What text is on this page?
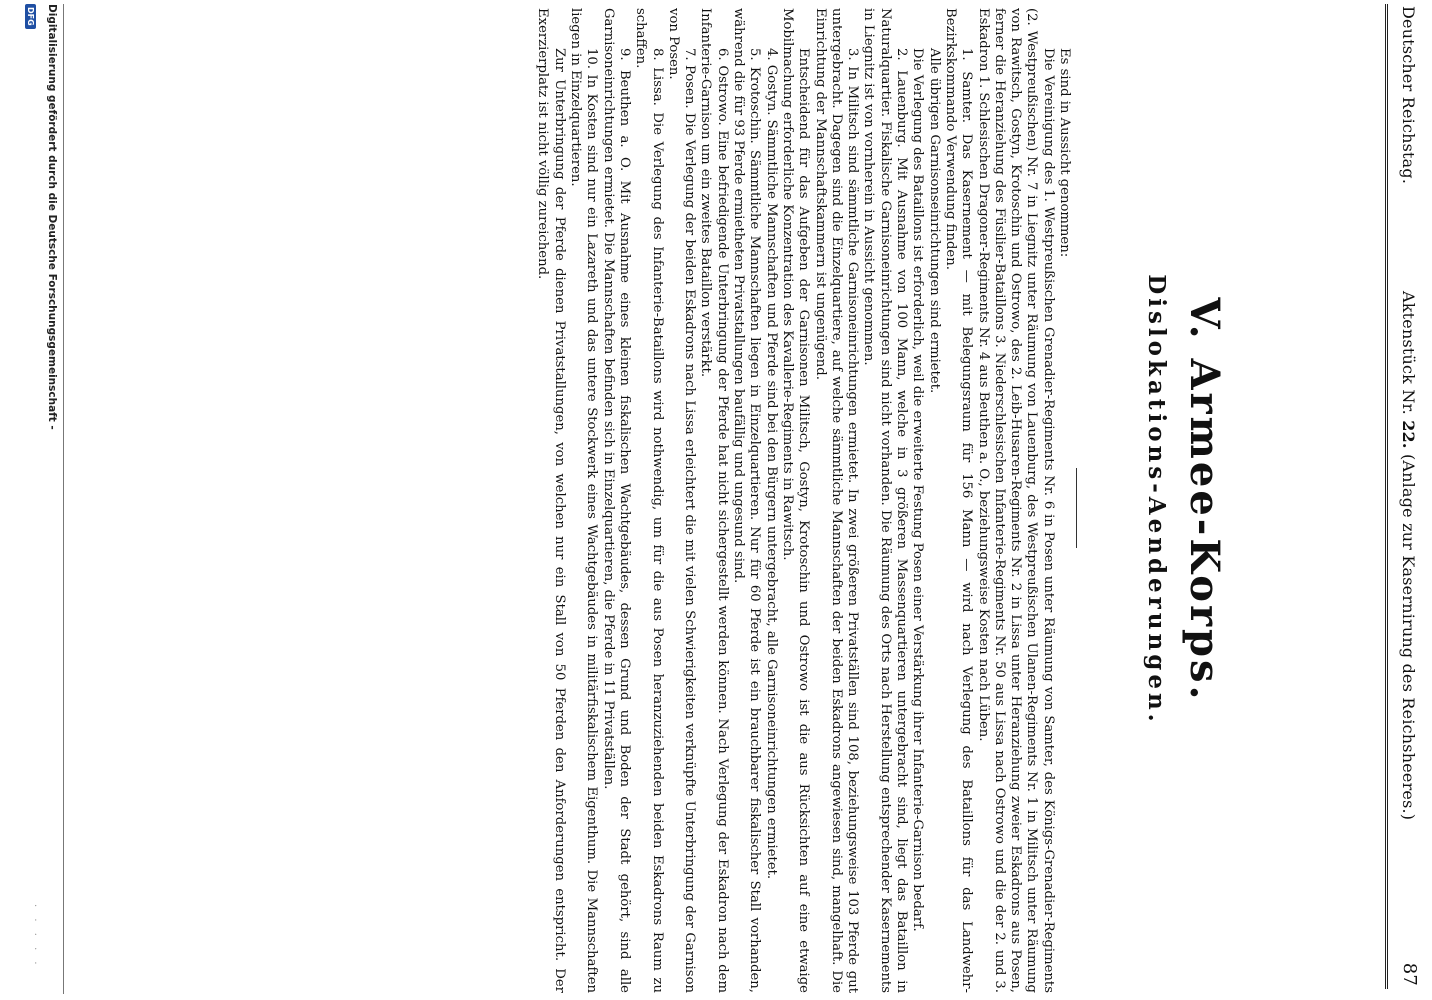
Deutscher Reichstag.
Aktenstück Nr. 22. (Anlage zur Kasernirung des Reichsheeres.)
87
V. Armee-Korps.
Dislokations-Aenderungen.

Es sind in Aussicht genommen:

Die Vereinigung des 1. Westpreußischen Grenadier-Regiments Nr. 6 in Posen unter Räumung von Samter, des Königs-Grenadier-Regiments (2. Westpreußischen) Nr. 7 in Liegnitz unter Räumung von Lauenburg, des Westpreußischen Ulanen-Regiments Nr. 1 in Militsch unter Räumung von Rawitsch, Gostyn, Krotoschin und Ostrowo, des 2. Leib-Husaren-Regiments Nr. 2 in Lissa unter Heranziehung zweier Eskadrons aus Posen, ferner die Heranziehung des Füsilier-Bataillons 3. Niederschlesischen Infanterie-Regiments Nr. 50 aus Lissa nach Ostrowo und die der 2. und 3. Eskadron 1. Schlesischen Dragoner-Regiments Nr. 4 aus Beuthen a. O., beziehungsweise Kosten nach Lüben.

1. Samter. Das Kasernement — mit Belegungsraum für 156 Mann — wird nach Verlegung des Bataillons für das Landwehr-Bezirkskommando Verwendung finden.

Alle übrigen Garnisonseinrichtungen sind ermietet.

Die Verlegung des Bataillons ist erforderlich, weil die erweiterte Festung Posen einer Verstärkung ihrer Infanterie-Garnison bedarf.

2. Lauenburg. Mit Ausnahme von 100 Mann, welche in 3 größeren Massenquartieren untergebracht sind, liegt das Bataillon in Naturalquartier. Fiskalische Garnisoneinrichtungen sind nicht vorhanden. Die Räumung des Orts nach Herstellung entsprechender Kasernements in Liegnitz ist von vornherein in Aussicht genommen.

3. In Militsch sind sämmtliche Garnisoneinrichtungen ermietet. In zwei größeren Privatställen sind 108, beziehungsweise 103 Pferde gut untergebracht. Dagegen sind die Einzelquartiere, auf welche sämmtliche Mannschaften der beiden Eskadrons angewiesen sind, mangelhaft. Die Einrichtung der Mannschaftskammern ist ungenügend.

Entscheidend für das Aufgeben der Garnisonen Militsch, Gostyn, Krotoschin und Ostrowo ist die aus Rücksichten auf eine etwaige Mobilmachung erforderliche Konzentration des Kavallerie-Regiments in Rawitsch.

4. Gostyn. Sämmtliche Mannschaften und Pferde sind bei den Bürgern untergebracht, alle Garnisoneinrichtungen ermietet.

5. Krotoschin. Sämmtliche Mannschaften liegen in Einzelquartieren. Nur für 60 Pferde ist ein brauchbarer fiskalischer Stall vorhanden, während die für 93 Pferde ermietheten Privatstallungen baufällig und ungesund sind.

6. Ostrowo. Eine befriedigende Unterbringung der Pferde hat nicht sichergestellt werden können. Nach Verlegung der Eskadron nach dem Infanterie-Garnison um ein zweites Bataillon verstärkt.

7. Posen. Die Verlegung der beiden Eskadrons nach Lissa erleichtert die mit vielen Schwierigkeiten verknüpfte Unterbringung der Garnison von Posen.

8. Lissa. Die Verlegung des Infanterie-Bataillons wird nothwendig, um für die aus Posen heranzuziehenden beiden Eskadrons Raum zu schaffen.

9. Beuthen a. O. Mit Ausnahme eines kleinen fiskalischen Wachtgebäudes, dessen Grund und Boden der Stadt gehört, sind alle Garnisoneinrichtungen ermietet. Die Mannschaften befinden sich in Einzelquartieren, die Pferde in 11 Privatställen.

10. In Kosten sind nur ein Lazareth und das untere Stockwerk eines Wachtgebäudes in militärfiskalischem Eigenthum. Die Mannschaften liegen in Einzelquartieren.

Zur Unterbringung der Pferde dienen Privatstallungen, von welchen nur ein Stall von 50 Pferden den Anforderungen entspricht. Der Exerzierplatz ist nicht völlig zureichend.

Digitalisierung gefördert durch die Deutsche Forschungsgemeinschaft -
DFG
· · · · ·
